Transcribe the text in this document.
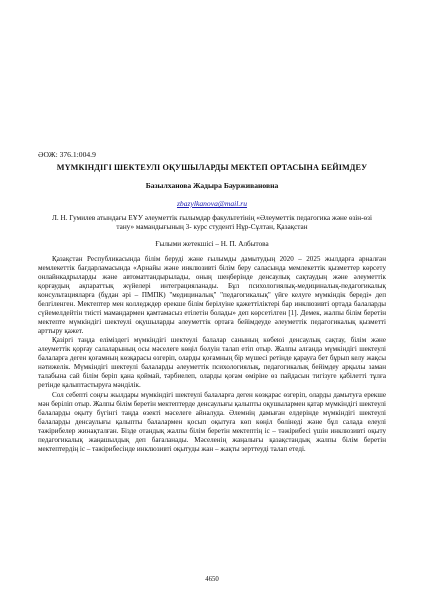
ӘОЖ: 376.1:004.9
МҮМКІНДІГІ ШЕКТЕУЛІ ОҚУШЫЛАРДЫ МЕКТЕП ОРТАСЫНА БЕЙІМДЕУ
Базылханова Жадыра Баурживановна
zbazylkanova@mail.ru
Л. Н. Гумилев атындағы ЕҰУ әлеуметтік ғылымдар факультетінің «Әлеуметтік педагогика және өзін-өзі тану» мамандығының 3- курс студенті Нұр-Сұлтан, Қазақстан
Ғылыми жетекшісі – Н. П. Албытова

Қазақстан Республикасында білім беруді және ғылымды дамытудың 2020 – 2025 жылдарға арналған мемлекеттік бағдарламасында «Арнайы және инклюзивті білім беру саласында мемлекеттік қызметтер көрсету онлайнкадрыларды және автоматтандырылады, оның шеңберінде денсаулық сақтаудың және әлеуметтік қорғаудың ақпараттық жүйелері интеграцияланады. Бұл психологиялық-медициналық-педагогикалық консультацияларға (бұдан әрі – ПМПК) "медициналық" "педагогикалық" үйге келуге мүмкіндік береді» деп белгіленген. Мектептер мен колледждер ерекше білім берілуіне қажеттіліктері бар инклюзивті ортада балаларды сүйемелдейтін тиісті мамандармен қамтамасыз етілетін болады» деп көрсетілген [1]. Демек, жалпы білім беретін мектепте мүмкіндігі шектеулі оқушыларды әлеуметтік ортаға бейімдеуде әлеуметтік педагогикалық қызметті арттыру қажет.

Қазіргі таңда еліміздегі мүмкіндігі шектеулі балалар санының көбеюі денсаулық сақтау, білім және әлеуметтік қорғау салаларының осы мәселеге көңіл бөлуін талап етіп отыр. Жалпы алғанда мүмкіндігі шектеулі балаларға деген қоғамның көзқарасы өзгеріп, оларды қоғамның бір мүшесі ретінде қарауға бет бұрып келу жақсы нәтижелік. Мүмкіндігі шектеулі балаларды әлеуметтік психологиялық, педагогикалық бейімдеу арқылы заман талабына сай білім беріп қана қоймай, тәрбиелеп, оларды қоғам өміріне өз пайдасын тигізуге қабілетті тұлға ретінде қалыптастыруға мәнділік.

Сол себепті соңғы жылдары мүмкіндігі шектеулі балаларға деген көзқарас өзгеріп, оларды дамытуға ерекше мән беріліп отыр. Жалпы білім беретін мектептерде денсаулығы қалыпты оқушылармен қатар мүмкіндігі шектеулі балаларды оқыту бүгінгі таңда өзекті мәселеге айналуда. Әлемнің дамыған елдерінде мүмкіндігі шектеулі балаларды денсаулығы қалыпты балалармен қосып оқытуға көп көңіл бөлінеді және бұл салада елеулі тәжірибелер жинақталған. Бізде отандық жалпы білім беретін мектептің іс – тәжірибесі үшін инклюзивті оқыту педагогикалық жаңашылдық деп бағаланады. Мәселенің жаңалығы қазақстандық жалпы білім беретін мектептердің іс – тәжірибесінде инклюзивті оқытуды жан – жақты зерттеуді талап етеді.

4650
